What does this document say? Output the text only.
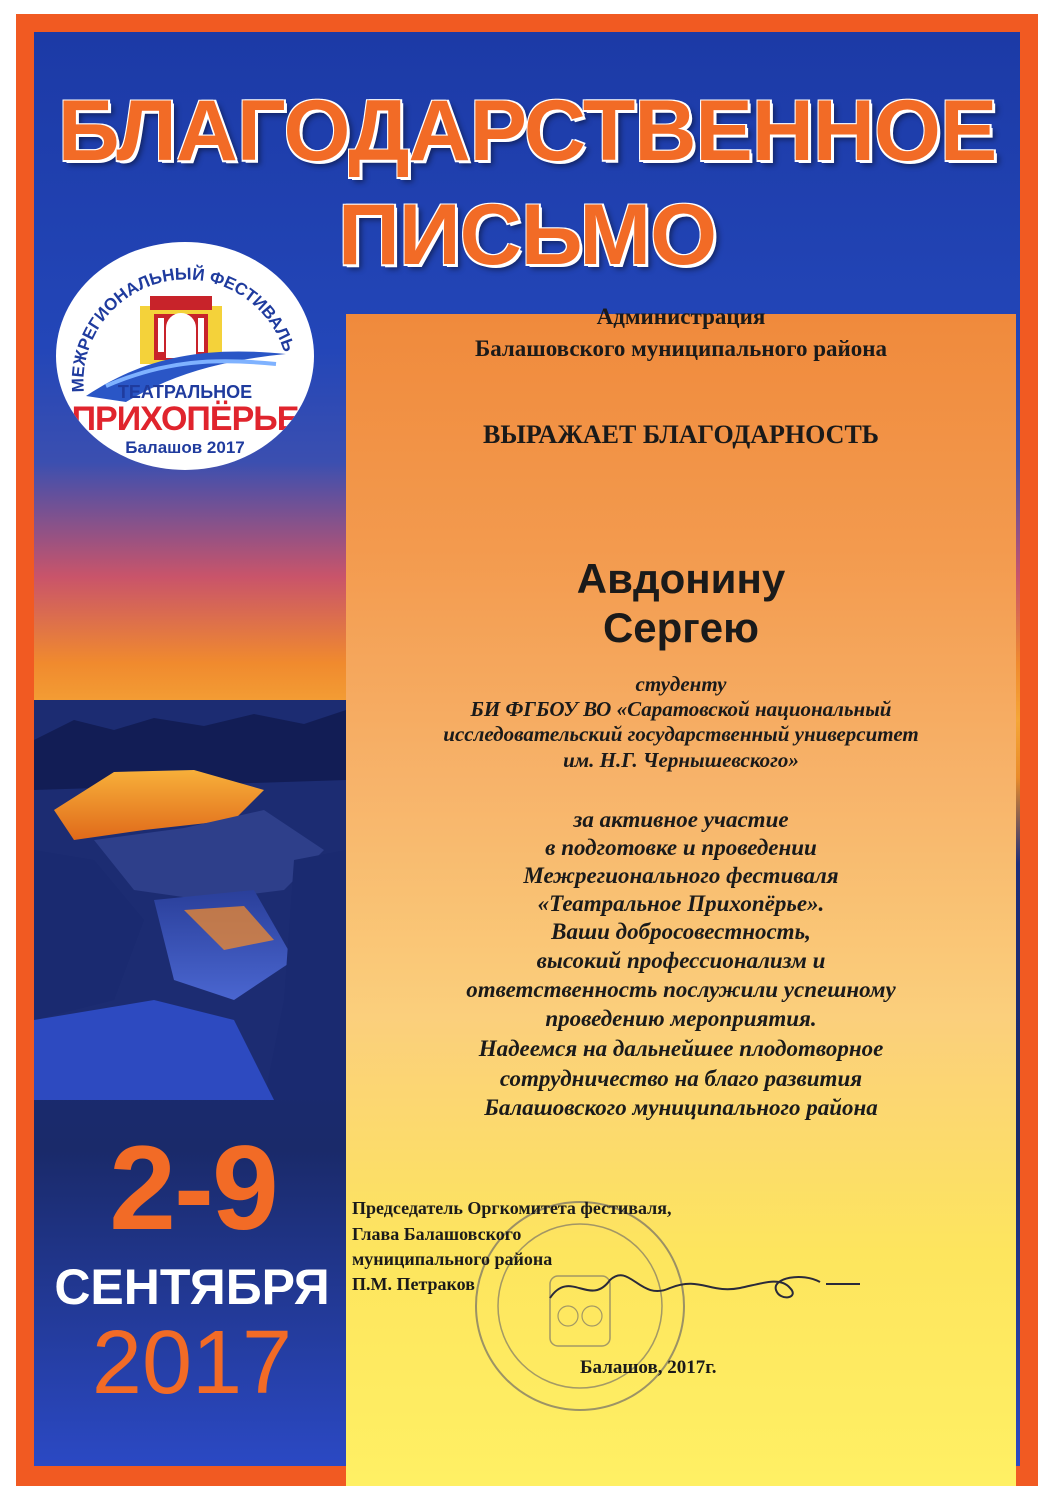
БЛАГОДАРСТВЕННОЕ
ПИСЬМО
МЕЖРЕГИОНАЛЬНЫЙ ФЕСТИВАЛЬ
ТЕАТРАЛЬНОЕ
ПРИХОПЁРЬЕ
Балашов 2017
2-9
СЕНТЯБРЯ
2017
Администрация
Балашовского муниципального района
ВЫРАЖАЕТ БЛАГОДАРНОСТЬ
Авдонину
Сергею
студенту
БИ ФГБОУ ВО «Саратовской национальный
исследовательский государственный университет
им. Н.Г. Чернышевского»
за активное участие
в подготовке и проведении
Межрегионального фестиваля
«Театральное Прихопёрье».
Ваши добросовестность,
высокий профессионализм и
ответственность послужили успешному
проведению мероприятия.
Надеемся на дальнейшее плодотворное
сотрудничество на благо развития
Балашовского муниципального района
Председатель Оргкомитета фестиваля,
Глава Балашовского
муниципального района
П.М. Петраков
Балашов, 2017г.
